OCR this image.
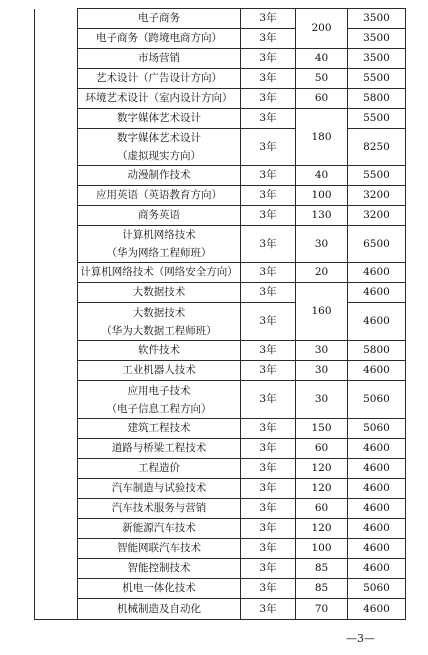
	电子商务	3年	200	3500
	电子商务（跨境电商方向）	3年		3500
	市场营销	3年	40	3500
	艺术设计（广告设计方向）	3年	50	5500
	环境艺术设计（室内设计方向）	3年	60	5800
	数字媒体艺术设计	3年	180	5500
	数字媒体艺术设计
（虚拟现实方向）	3年		8250
	动漫制作技术	3年	40	5500
	应用英语（英语教育方向）	3年	100	3200
	商务英语	3年	130	3200
	计算机网络技术
（华为网络工程师班）	3年	30	6500
	计算机网络技术（网络安全方向）	3年	20	4600
	大数据技术	3年	160	4600
	大数据技术
（华为大数据工程师班）	3年		4600
	软件技术	3年	30	5800
	工业机器人技术	3年	30	4600
	应用电子技术
（电子信息工程方向）	3年	30	5060
	建筑工程技术	3年	150	5060
	道路与桥梁工程技术	3年	60	4600
	工程造价	3年	120	4600
	汽车制造与试验技术	3年	120	4600
	汽车技术服务与营销	3年	60	4600
	新能源汽车技术	3年	120	4600
	智能网联汽车技术	3年	100	4600
	智能控制技术	3年	85	4600
	机电一体化技术	3年	85	5060
	机械制造及自动化	3年	70	4600
—3—
